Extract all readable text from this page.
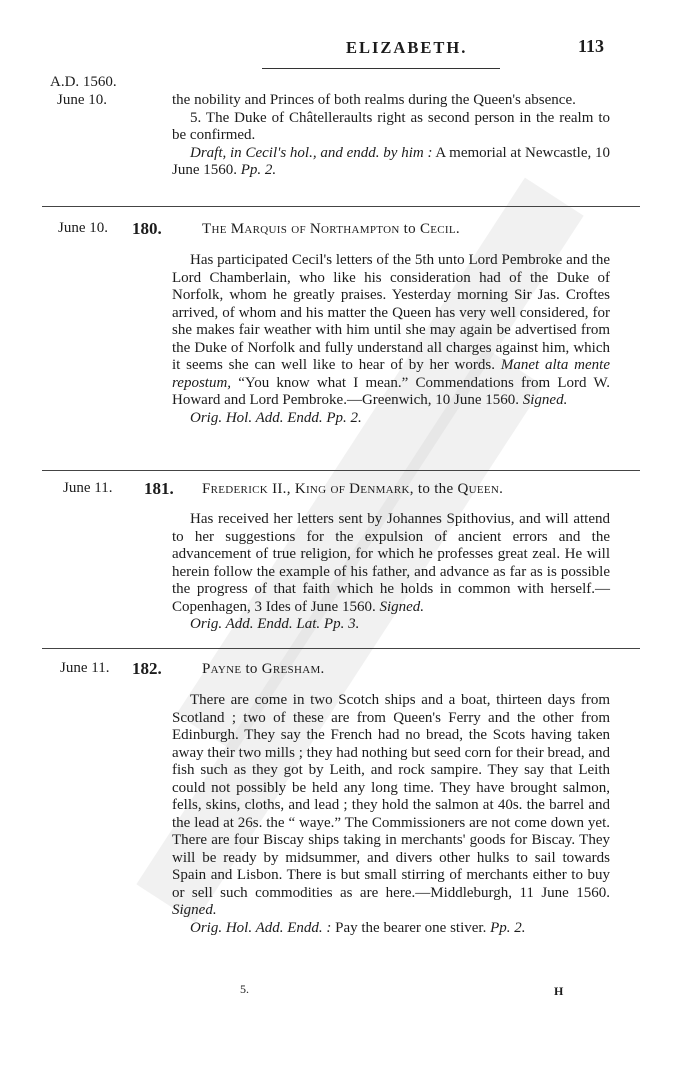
ELIZABETH.	113
A.D. 1560.
June 10.	the nobility and Princes of both realms during the Queen's absence.

5. The Duke of Châtelleraults right as second person in the realm to be confirmed.

Draft, in Cecil's hol., and endd. by him : A memorial at Newcastle, 10 June 1560. Pp. 2.

June 10. 180.	The Marquis of Northampton to Cecil.

Has participated Cecil's letters of the 5th unto Lord Pembroke and the Lord Chamberlain, who like his consideration had of the Duke of Norfolk, whom he greatly praises. Yesterday morning Sir Jas. Croftes arrived, of whom and his matter the Queen has very well considered, for she makes fair weather with him until she may again be advertised from the Duke of Norfolk and fully understand all charges against him, which it seems she can well like to hear of by her words. Manet alta mente repostum, “You know what I mean.” Commendations from Lord W. Howard and Lord Pembroke.—Greenwich, 10 June 1560. Signed.

Orig. Hol. Add. Endd. Pp. 2.

June 11. 181. Frederick II., King of Denmark, to the Queen.

Has received her letters sent by Johannes Spithovius, and will attend to her suggestions for the expulsion of ancient errors and the advancement of true religion, for which he professes great zeal. He will herein follow the example of his father, and advance as far as is possible the progress of that faith which he holds in common with herself.—Copenhagen, 3 Ides of June 1560. Signed.

Orig. Add. Endd. Lat. Pp. 3.

June 11. 182.	Payne to Gresham.

There are come in two Scotch ships and a boat, thirteen days from Scotland ; two of these are from Queen's Ferry and the other from Edinburgh. They say the French had no bread, the Scots having taken away their two mills ; they had nothing but seed corn for their bread, and fish such as they got by Leith, and rock sampire. They say that Leith could not possibly be held any long time. They have brought salmon, fells, skins, cloths, and lead ; they hold the salmon at 40s. the barrel and the lead at 26s. the “ waye.” The Commissioners are not come down yet. There are four Biscay ships taking in merchants' goods for Biscay. They will be ready by midsummer, and divers other hulks to sail towards Spain and Lisbon. There is but small stirring of merchants either to buy or sell such commodities as are here.—Middleburgh, 11 June 1560. Signed.

Orig. Hol. Add. Endd. : Pay the bearer one stiver. Pp. 2.

5.	H
